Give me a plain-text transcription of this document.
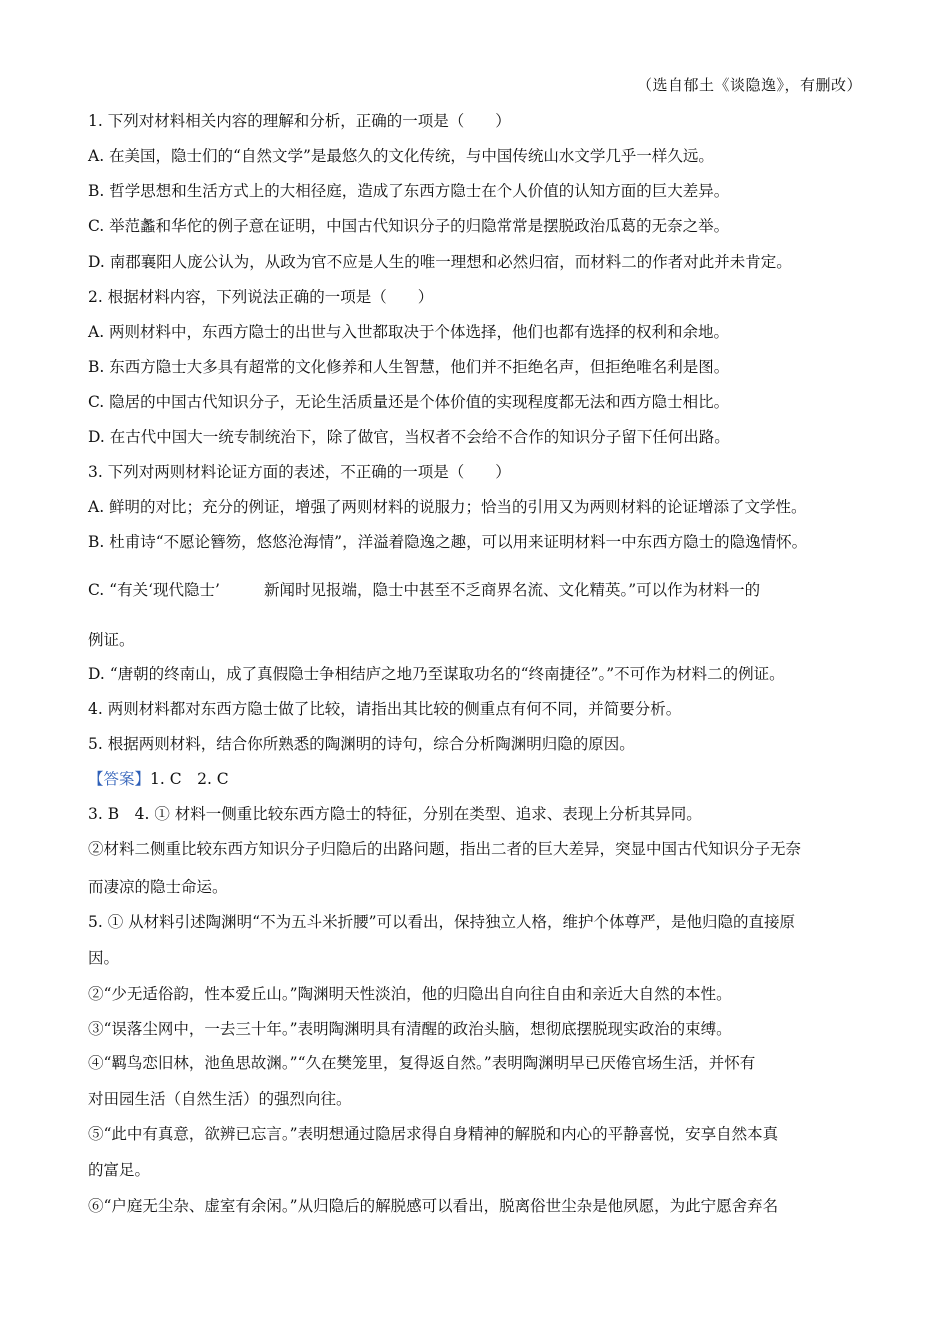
（选自郁土《谈隐逸》，有删改）
1. 下列对材料相关内容的理解和分析，正确的一项是（　　）
A. 在美国，隐士们的“自然文学”是最悠久的文化传统，与中国传统山水文学几乎一样久远。
B. 哲学思想和生活方式上的大相径庭，造成了东西方隐士在个人价值的认知方面的巨大差异。
C. 举范蠡和华佗的例子意在证明，中国古代知识分子的归隐常常是摆脱政治瓜葛的无奈之举。
D. 南郡襄阳人庞公认为，从政为官不应是人生的唯一理想和必然归宿，而材料二的作者对此并未肯定。
2. 根据材料内容，下列说法正确的一项是（　　）
A. 两则材料中，东西方隐士的出世与入世都取决于个体选择，他们也都有选择的权利和余地。
B. 东西方隐士大多具有超常的文化修养和人生智慧，他们并不拒绝名声，但拒绝唯名利是图。
C. 隐居的中国古代知识分子，无论生活质量还是个体价值的实现程度都无法和西方隐士相比。
D. 在古代中国大一统专制统治下，除了做官，当权者不会给不合作的知识分子留下任何出路。
3. 下列对两则材料论证方面的表述，不正确的一项是（　　）
A. 鲜明的对比；充分的例证，增强了两则材料的说服力；恰当的引用又为两则材料的论证增添了文学性。
B. 杜甫诗“不愿论簪笏，悠悠沧海情”，洋溢着隐逸之趣，可以用来证明材料一中东西方隐士的隐逸情怀。
C. “有关‘现代隐士’	新闻时见报端，隐士中甚至不乏商界名流、文化精英。”可以作为材料一的
例证。
D. “唐朝的终南山，成了真假隐士争相结庐之地乃至谋取功名的“终南捷径”。”不可作为材料二的例证。
4. 两则材料都对东西方隐士做了比较，请指出其比较的侧重点有何不同，并简要分析。
5. 根据两则材料，结合你所熟悉的陶渊明的诗句，综合分析陶渊明归隐的原因。
【答案】1. C　2. C
3. B　4. ① 材料一侧重比较东西方隐士的特征，分别在类型、追求、表现上分析其异同。
②材料二侧重比较东西方知识分子归隐后的出路问题，指出二者的巨大差异，突显中国古代知识分子无奈
而凄凉的隐士命运。
5. ① 从材料引述陶渊明“不为五斗米折腰”可以看出，保持独立人格，维护个体尊严，是他归隐的直接原
因。
②“少无适俗韵，性本爱丘山。”陶渊明天性淡泊，他的归隐出自向往自由和亲近大自然的本性。
③“误落尘网中，一去三十年。”表明陶渊明具有清醒的政治头脑，想彻底摆脱现实政治的束缚。
④“羁鸟恋旧林，池鱼思故渊。”“久在樊笼里，复得返自然。”表明陶渊明早已厌倦官场生活，并怀有
对田园生活（自然生活）的强烈向往。
⑤“此中有真意，欲辨已忘言。”表明想通过隐居求得自身精神的解脱和内心的平静喜悦，安享自然本真
的富足。
⑥“户庭无尘杂、虚室有余闲。”从归隐后的解脱感可以看出，脱离俗世尘杂是他夙愿，为此宁愿舍弃名
